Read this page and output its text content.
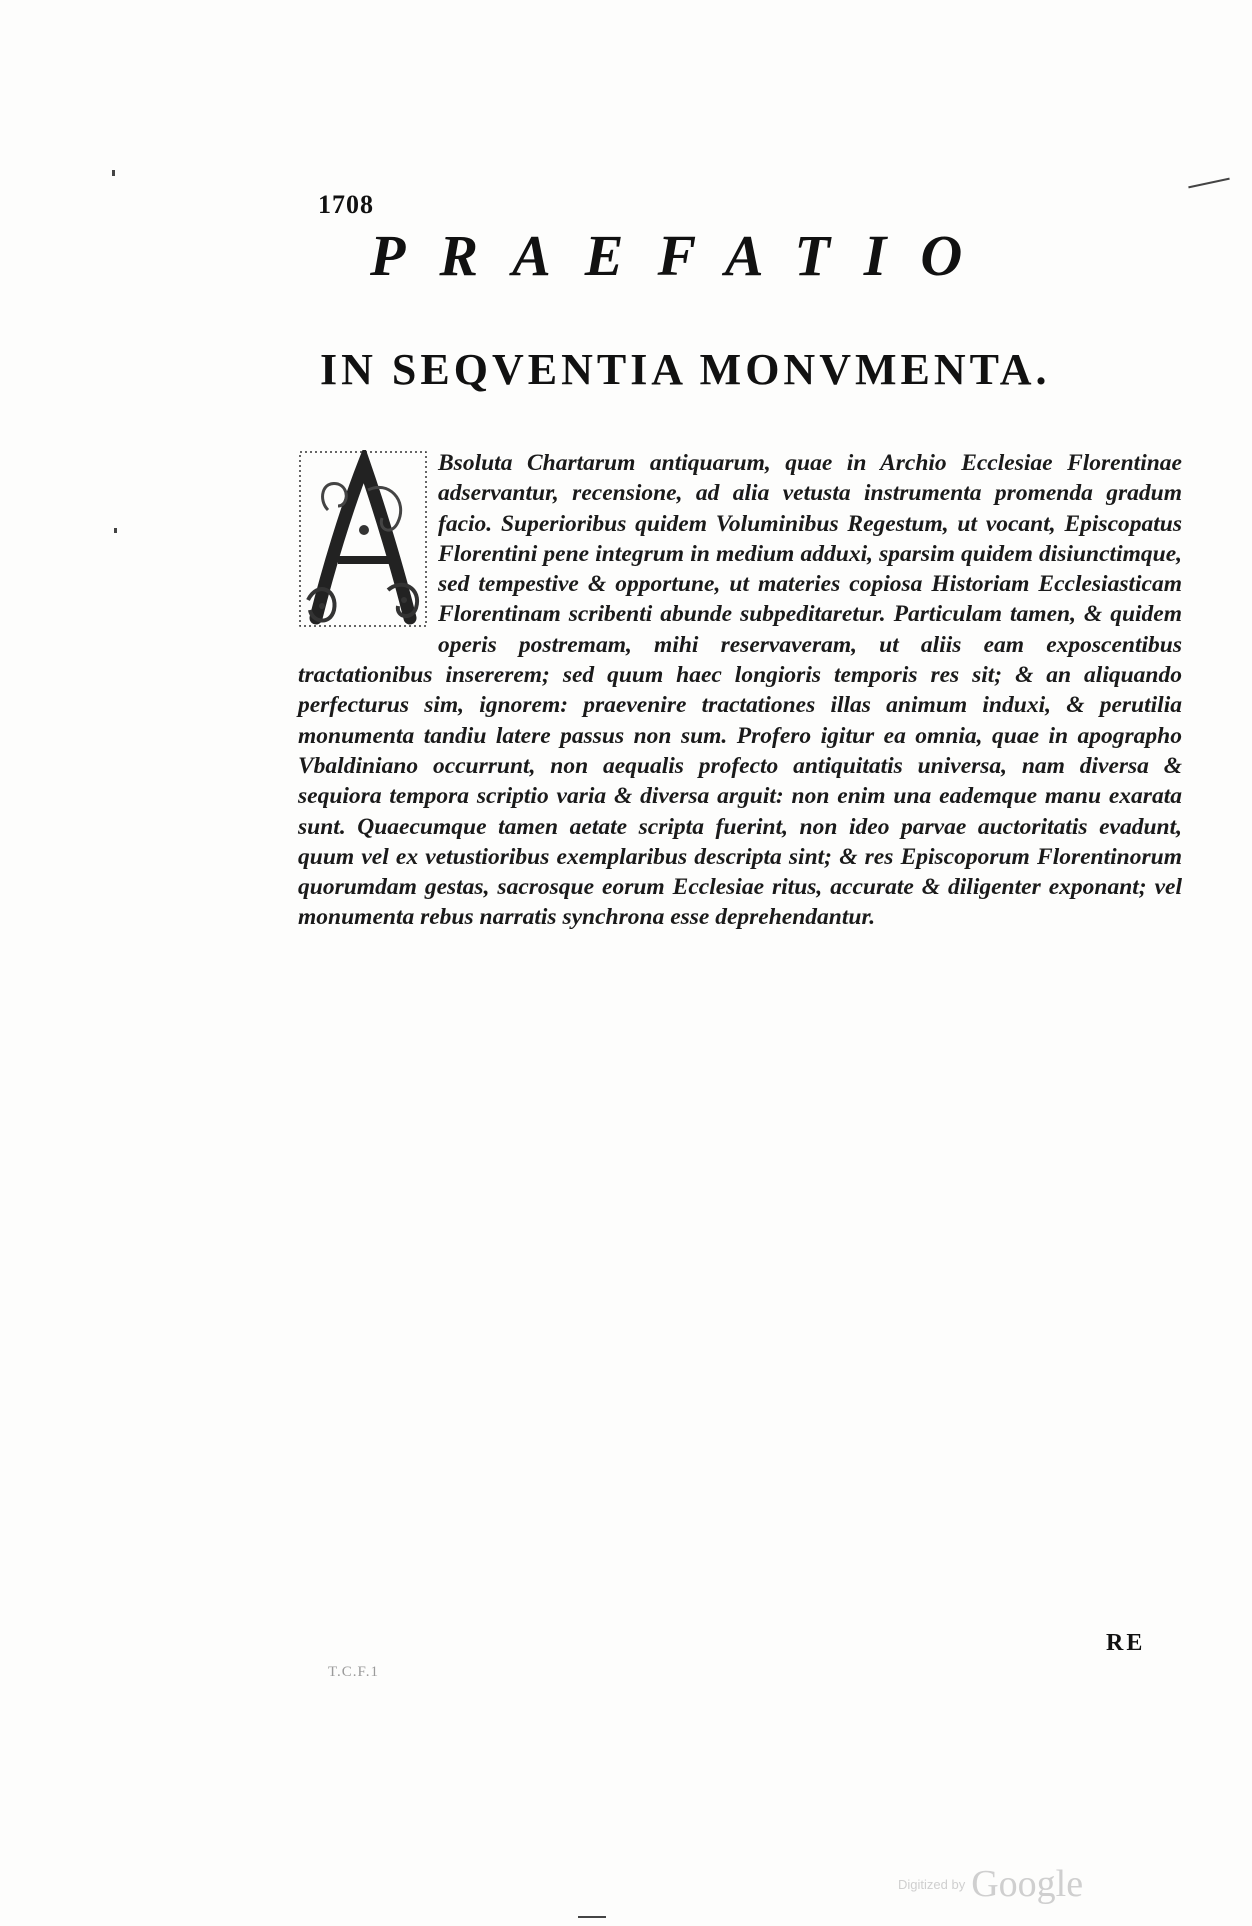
1708
PRAEFATIO
IN SEQVENTIA MONVMENTA.

Bsoluta Chartarum antiquarum, quae in Archio Ecclesiae Florentinae adservantur, recensione, ad alia vetusta instrumenta promenda gradum facio. Superioribus quidem Voluminibus Regestum, ut vocant, Episcopatus Florentini pene integrum in medium adduxi, sparsim quidem disiunctimque, sed tempestive & opportune, ut materies copiosa Historiam Ecclesiasticam Florentinam scribenti abunde subpeditaretur. Particulam tamen, & quidem operis postremam, mihi reservaveram, ut aliis eam exposcentibus tractationibus insererem; sed quum haec longioris temporis res sit; & an aliquando perfecturus sim, ignorem: praevenire tractationes illas animum induxi, & perutilia monumenta tandiu latere passus non sum. Profero igitur ea omnia, quae in apographo Vbaldiniano occurrunt, non aequalis profecto antiquitatis universa, nam diversa & sequiora tempora scriptio varia & diversa arguit: non enim una eademque manu exarata sunt. Quaecumque tamen aetate scripta fuerint, non ideo parvae auctoritatis evadunt, quum vel ex vetustioribus exemplaribus descripta sint; & res Episcoporum Florentinorum quorumdam gestas, sacrosque eorum Ecclesiae ritus, accurate & diligenter exponant; vel monumenta rebus narratis synchrona esse deprehendantur.

RE
T.C.F.1
Digitized by Google
